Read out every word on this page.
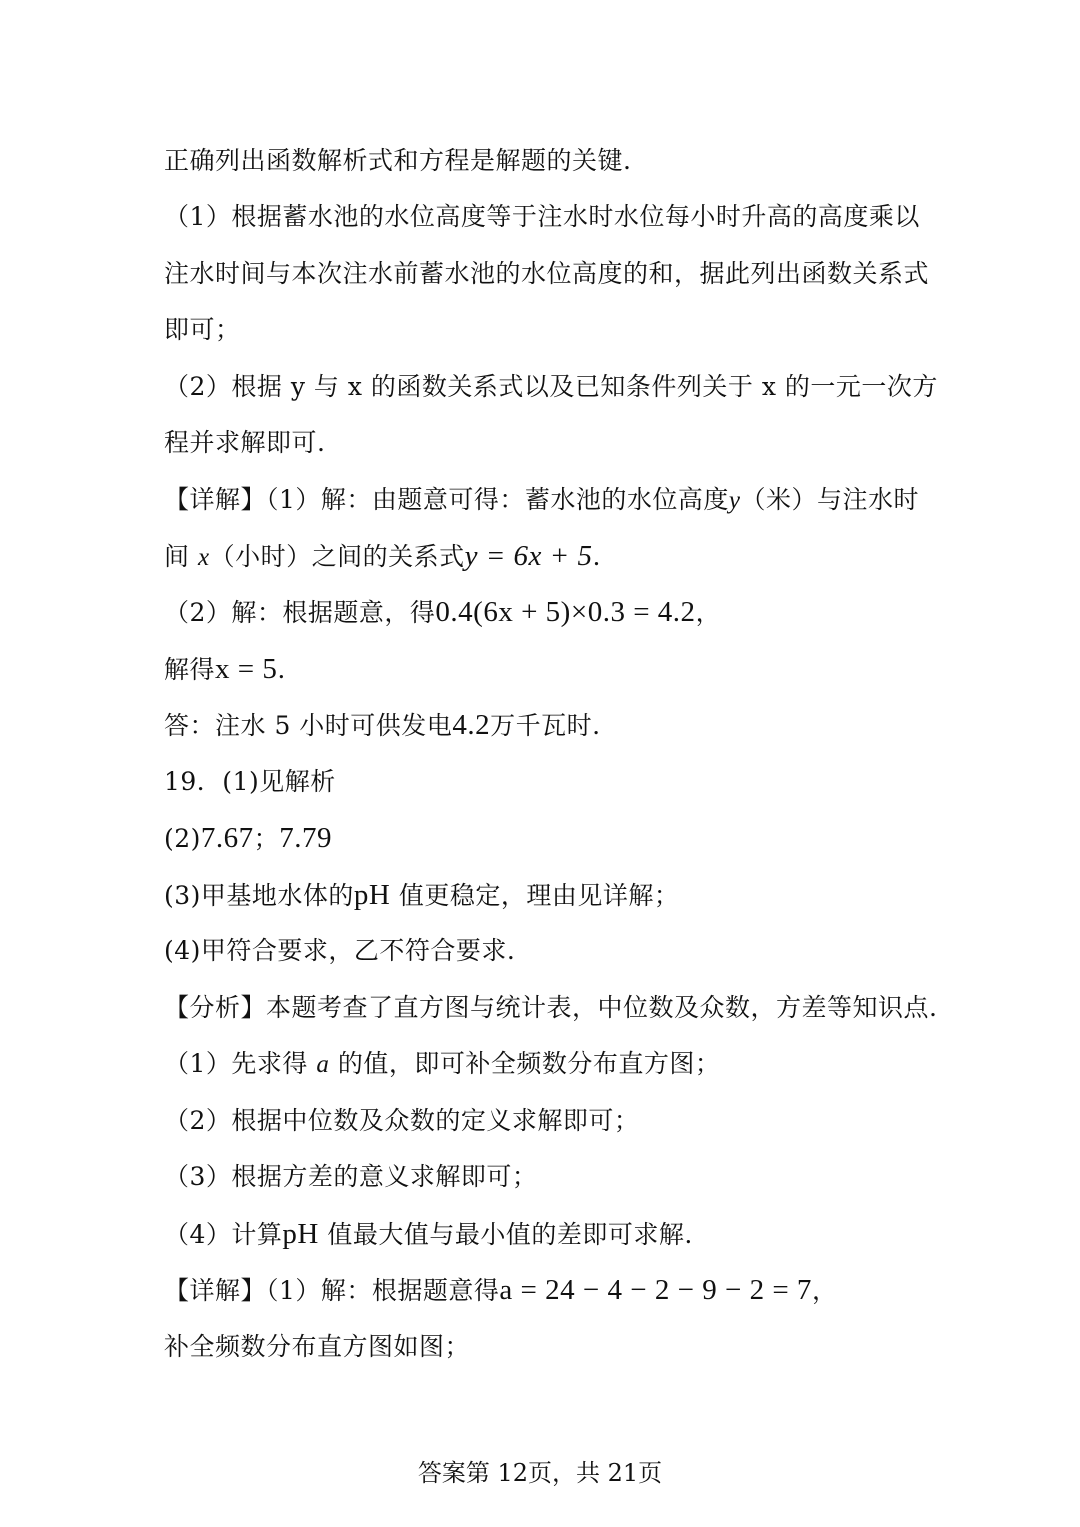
正确列出函数解析式和方程是解题的关键.
（1）根据蓄水池的水位高度等于注水时水位每小时升高的高度乘以
注水时间与本次注水前蓄水池的水位高度的和，据此列出函数关系式
即可；
（2）根据 y 与 x 的函数关系式以及已知条件列关于 x 的一元一次方
程并求解即可.
【详解】（1）解：由题意可得：蓄水池的水位高度y（米）与注水时
间 x（小时）之间的关系式y = 6x + 5.
（2）解：根据题意，得0.4(6x + 5)×0.3 = 4.2，
解得x = 5.
答：注水 5 小时可供发电4.2万千瓦时.
19．(1)见解析
(2)7.67；7.79
(3)甲基地水体的pH 值更稳定，理由见详解；
(4)甲符合要求，乙不符合要求.
【分析】本题考查了直方图与统计表，中位数及众数，方差等知识点.
（1）先求得 a 的值，即可补全频数分布直方图；
（2）根据中位数及众数的定义求解即可；
（3）根据方差的意义求解即可；
（4）计算pH 值最大值与最小值的差即可求解.
【详解】（1）解：根据题意得a = 24 − 4 − 2 − 9 − 2 = 7，
补全频数分布直方图如图；
答案第 12页，共 21页
